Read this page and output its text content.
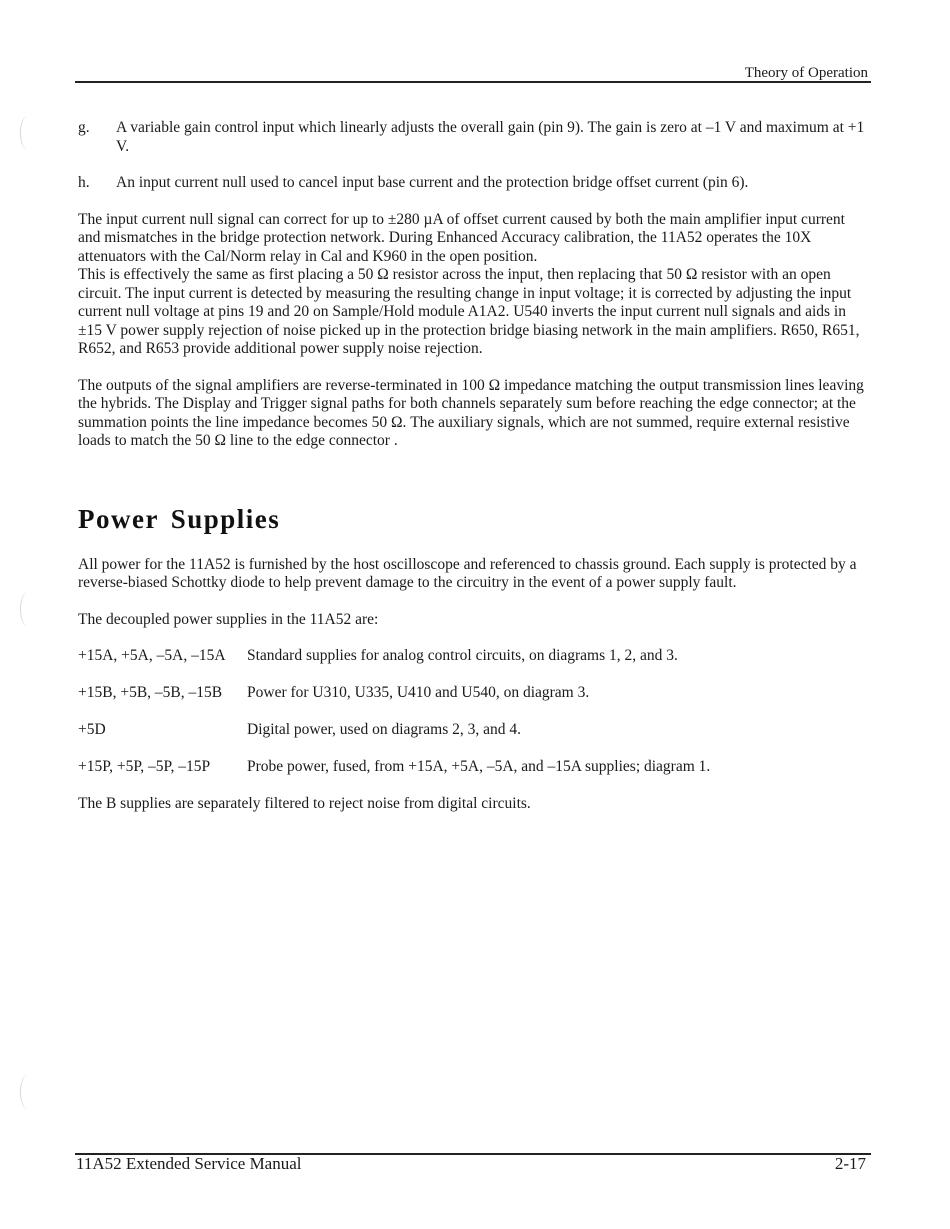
Theory of Operation
g.	A variable gain control input which linearly adjusts the overall gain (pin 9). The gain is zero at –1 V and maximum at +1 V.
h.	An input current null used to cancel input base current and the protection bridge offset current (pin 6).

The input current null signal can correct for up to ±280 µA of offset current caused by both the main amplifier input current and mismatches in the bridge protection network. During Enhanced Accuracy calibration, the 11A52 operates the 10X attenuators with the Cal/Norm relay in Cal and K960 in the open position.
This is effectively the same as first placing a 50 Ω resistor across the input, then replacing that 50 Ω resistor with an open circuit. The input current is detected by measuring the resulting change in input voltage; it is corrected by adjusting the input current null voltage at pins 19 and 20 on Sample/Hold module A1A2. U540 inverts the input current null signals and aids in ±15 V power supply rejection of noise picked up in the protection bridge biasing network in the main amplifiers. R650, R651, R652, and R653 provide additional power supply noise rejection.

The outputs of the signal amplifiers are reverse-terminated in 100 Ω impedance matching the output transmission lines leaving the hybrids. The Display and Trigger signal paths for both channels separately sum before reaching the edge connector; at the summation points the line impedance becomes 50 Ω. The auxiliary signals, which are not summed, require external resistive loads to match the 50 Ω line to the edge connector .

Power Supplies

All power for the 11A52 is furnished by the host oscilloscope and referenced to chassis ground. Each supply is protected by a reverse-biased Schottky diode to help prevent damage to the circuitry in the event of a power supply fault.

The decoupled power supplies in the 11A52 are:

+15A, +5A, –5A, –15A	Standard supplies for analog control circuits, on diagrams 1, 2, and 3.
+15B, +5B, –5B, –15B	Power for U310, U335, U410 and U540, on diagram 3.
+5D	Digital power, used on diagrams 2, 3, and 4.
+15P, +5P, –5P, –15P	Probe power, fused, from +15A, +5A, –5A, and –15A supplies; diagram 1.

The B supplies are separately filtered to reject noise from digital circuits.

11A52 Extended Service Manual	2-17
